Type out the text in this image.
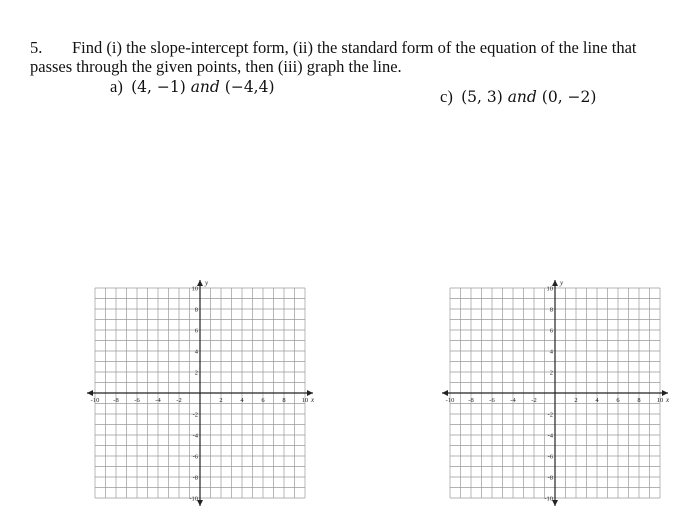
5. Find (i) the slope-intercept form, (ii) the standard form of the equation of the line that
passes through the given points, then (iii) graph the line.
a) (4, −1) and (−4,4)	c) (5, 3) and (0, −2)
-10 -8 -6 -4 -2	2	4	6	8 10
10
8
6
4
2
-2
-4
-6
-8
-10
x
y
-10 -8 -6 -4 -2	2	4	6	8 10
10
8
6
4
2
-2
-4
-6
-8
-10
x
y
